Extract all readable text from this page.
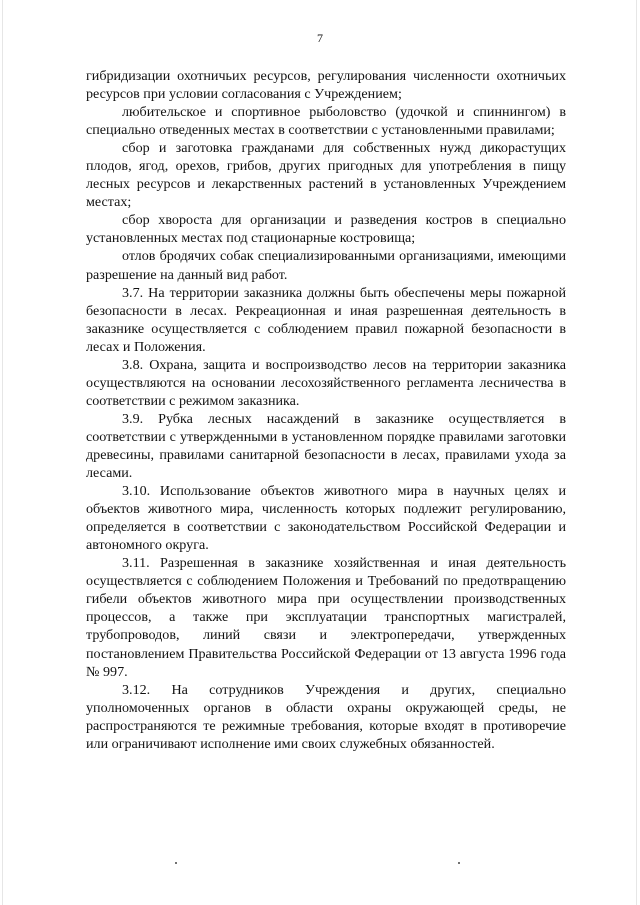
7

гибридизации охотничьих ресурсов, регулирования численности охотничьих ресурсов при условии согласования с Учреждением;

любительское и спортивное рыболовство (удочкой и спиннингом) в специально отведенных местах в соответствии с установленными правилами;

сбор и заготовка гражданами для собственных нужд дикорастущих плодов, ягод, орехов, грибов, других пригодных для употребления в пищу лесных ресурсов и лекарственных растений в установленных Учреждением местах;

сбор хвороста для организации и разведения костров в специально установленных местах под стационарные костровища;

отлов бродячих собак специализированными организациями, имеющими разрешение на данный вид работ.

3.7. На территории заказника должны быть обеспечены меры пожарной безопасности в лесах. Рекреационная и иная разрешенная деятельность в заказнике осуществляется с соблюдением правил пожарной безопасности в лесах и Положения.

3.8. Охрана, защита и воспроизводство лесов на территории заказника осуществляются на основании лесохозяйственного регламента лесничества в соответствии с режимом заказника.

3.9. Рубка лесных насаждений в заказнике осуществляется в соответствии с утвержденными в установленном порядке правилами заготовки древесины, правилами санитарной безопасности в лесах, правилами ухода за лесами.

3.10. Использование объектов животного мира в научных целях и объектов животного мира, численность которых подлежит регулированию, определяется в соответствии с законодательством Российской Федерации и автономного округа.

3.11. Разрешенная в заказнике хозяйственная и иная деятельность осуществляется с соблюдением Положения и Требований по предотвращению гибели объектов животного мира при осуществлении производственных процессов, а также при эксплуатации транспортных магистралей, трубопроводов, линий связи и электропередачи, утвержденных постановлением Правительства Российской Федерации от 13 августа 1996 года № 997.

3.12. На сотрудников Учреждения и других, специально уполномоченных органов в области охраны окружающей среды, не распространяются те режимные требования, которые входят в противоречие или ограничивают исполнение ими своих служебных обязанностей.
